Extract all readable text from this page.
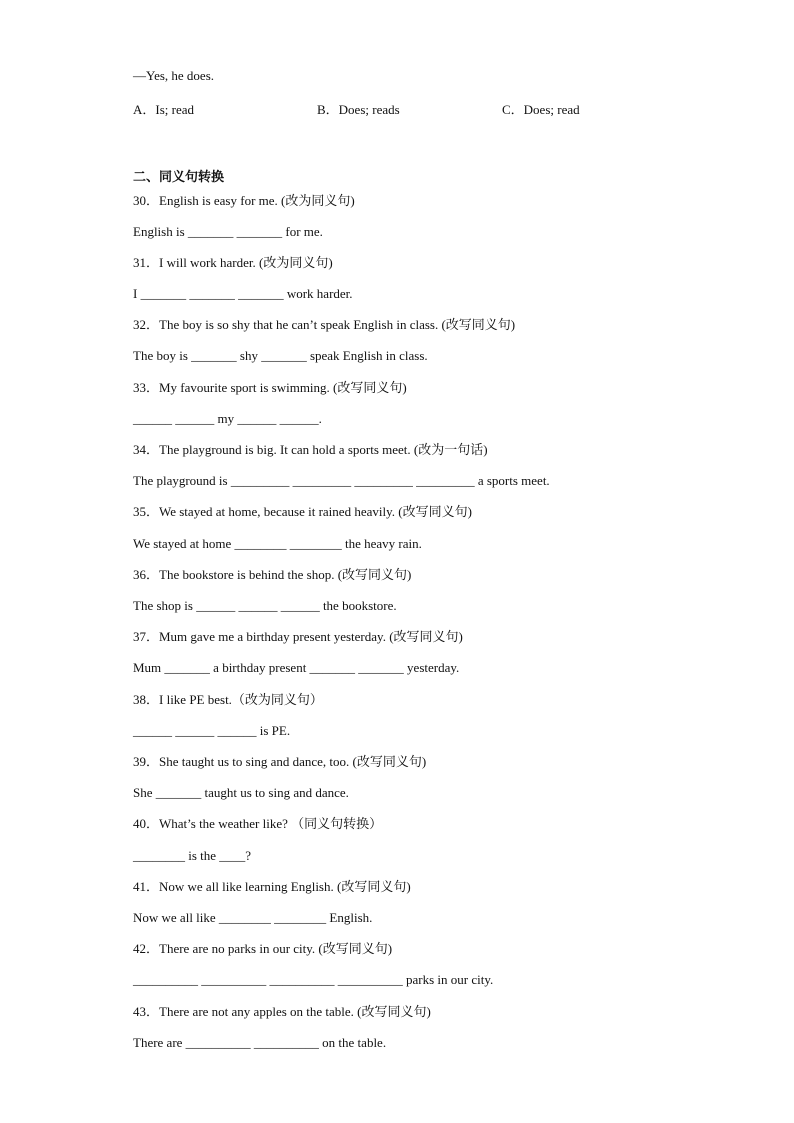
—Yes, he does.
A．Is; read	B．Does; reads	C．Does; read
二、同义句转换
30．English is easy for me. (改为同义句)
English is _______ _______ for me.
31．I will work harder. (改为同义句)
I _______ _______ _______ work harder.
32．The boy is so shy that he can’t speak English in class. (改写同义句)
The boy is _______ shy _______ speak English in class.
33．My favourite sport is swimming. (改写同义句)
______ ______ my ______ ______.
34．The playground is big. It can hold a sports meet. (改为一句话)
The playground is _________ _________ _________ _________ a sports meet.
35．We stayed at home, because it rained heavily. (改写同义句)
We stayed at home ________ ________ the heavy rain.
36．The bookstore is behind the shop. (改写同义句)
The shop is ______ ______ ______ the bookstore.
37．Mum gave me a birthday present yesterday. (改写同义句)
Mum _______ a birthday present _______ _______ yesterday.
38．I like PE best.（改为同义句）
______ ______ ______ is PE.
39．She taught us to sing and dance, too. (改写同义句)
She _______ taught us to sing and dance.
40．What’s the weather like? （同义句转换）
________ is the ____?
41．Now we all like learning English. (改写同义句)
Now we all like ________ ________ English.
42．There are no parks in our city. (改写同义句)
__________ __________ __________ __________ parks in our city.
43．There are not any apples on the table. (改写同义句)
There are __________ __________ on the table.
